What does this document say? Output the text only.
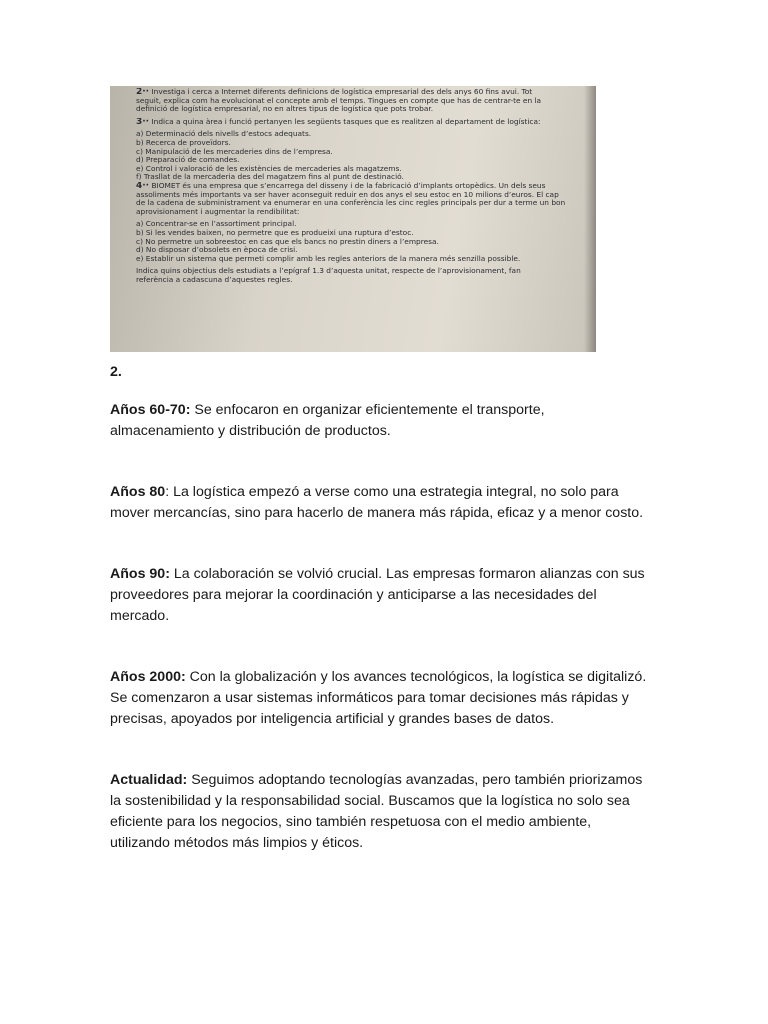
2·· Investiga i cerca a Internet diferents definicions de logística empresarial des dels anys 60 fins avui. Tot
seguit, explica com ha evolucionat el concepte amb el temps. Tingues en compte que has de centrar-te en la
definició de logística empresarial, no en altres tipus de logística que pots trobar.
3·· Indica a quina àrea i funció pertanyen les següents tasques que es realitzen al departament de logística:
a) Determinació dels nivells d’estocs adequats.
b) Recerca de proveïdors.
c) Manipulació de les mercaderies dins de l’empresa.
d) Preparació de comandes.
e) Control i valoració de les existències de mercaderies als magatzems.
f) Trasllat de la mercaderia des del magatzem fins al punt de destinació.
4·· BIOMET és una empresa que s’encarrega del disseny i de la fabricació d’implants ortopèdics. Un dels seus
assoliments més importants va ser haver aconseguit reduir en dos anys el seu estoc en 10 milions d’euros. El cap
de la cadena de subministrament va enumerar en una conferència les cinc regles principals per dur a terme un bon
aprovisionament i augmentar la rendibilitat:
a) Concentrar-se en l’assortiment principal.
b) Si les vendes baixen, no permetre que es produeixi una ruptura d’estoc.
c) No permetre un sobreestoc en cas que els bancs no prestin diners a l’empresa.
d) No disposar d’obsolets en època de crisi.
e) Establir un sistema que permeti complir amb les regles anteriors de la manera més senzilla possible.
Indica quins objectius dels estudiats a l’epígraf 1.3 d’aquesta unitat, respecte de l’aprovisionament, fan
referència a cadascuna d’aquestes regles.
2.

Años 60-70: Se enfocaron en organizar eficientemente el transporte, almacenamiento y distribución de productos.

Años 80: La logística empezó a verse como una estrategia integral, no solo para mover mercancías, sino para hacerlo de manera más rápida, eficaz y a menor costo.

Años 90: La colaboración se volvió crucial. Las empresas formaron alianzas con sus proveedores para mejorar la coordinación y anticiparse a las necesidades del mercado.

Años 2000: Con la globalización y los avances tecnológicos, la logística se digitalizó. Se comenzaron a usar sistemas informáticos para tomar decisiones más rápidas y precisas, apoyados por inteligencia artificial y grandes bases de datos.

Actualidad: Seguimos adoptando tecnologías avanzadas, pero también priorizamos la sostenibilidad y la responsabilidad social. Buscamos que la logística no solo sea eficiente para los negocios, sino también respetuosa con el medio ambiente, utilizando métodos más limpios y éticos.
